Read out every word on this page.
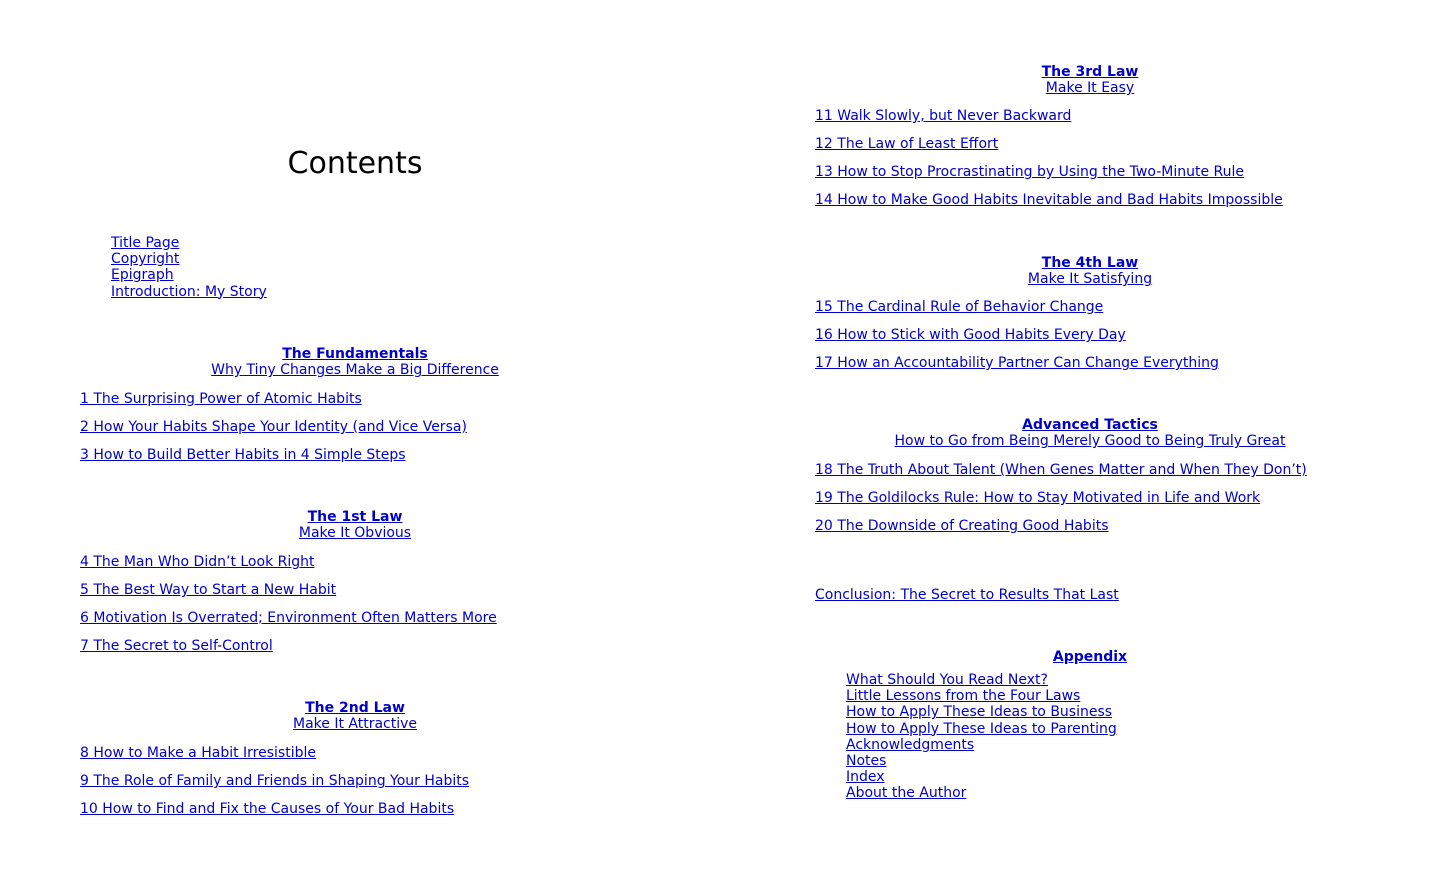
Contents
Title Page
Copyright
Epigraph
Introduction: My Story
The Fundamentals
Why Tiny Changes Make a Big Difference
1 The Surprising Power of Atomic Habits
2 How Your Habits Shape Your Identity (and Vice Versa)
3 How to Build Better Habits in 4 Simple Steps
The 1st Law
Make It Obvious
4 The Man Who Didn’t Look Right
5 The Best Way to Start a New Habit
6 Motivation Is Overrated; Environment Often Matters More
7 The Secret to Self-Control
The 2nd Law
Make It Attractive
8 How to Make a Habit Irresistible
9 The Role of Family and Friends in Shaping Your Habits
10 How to Find and Fix the Causes of Your Bad Habits
The 3rd Law
Make It Easy
11 Walk Slowly, but Never Backward
12 The Law of Least Effort
13 How to Stop Procrastinating by Using the Two-Minute Rule
14 How to Make Good Habits Inevitable and Bad Habits Impossible
The 4th Law
Make It Satisfying
15 The Cardinal Rule of Behavior Change
16 How to Stick with Good Habits Every Day
17 How an Accountability Partner Can Change Everything
Advanced Tactics
How to Go from Being Merely Good to Being Truly Great
18 The Truth About Talent (When Genes Matter and When They Don’t)
19 The Goldilocks Rule: How to Stay Motivated in Life and Work
20 The Downside of Creating Good Habits
Conclusion: The Secret to Results That Last
Appendix
What Should You Read Next?
Little Lessons from the Four Laws
How to Apply These Ideas to Business
How to Apply These Ideas to Parenting
Acknowledgments
Notes
Index
About the Author
